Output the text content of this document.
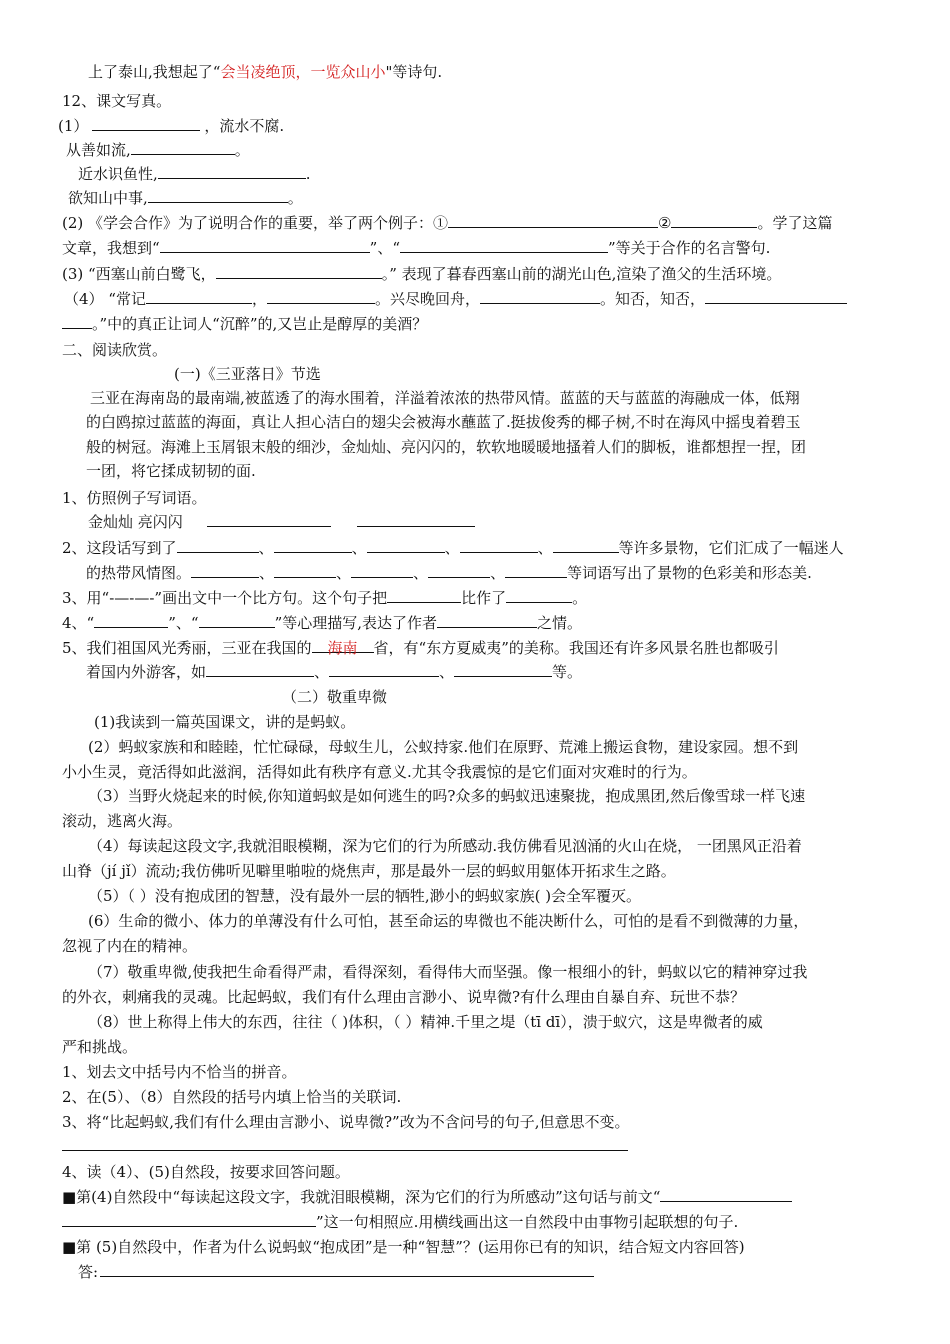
上了泰山,我想起了“会当凌绝顶，一览众山小"等诗句.
12、课文写真。
(1）	，流水不腐.
从善如流,	。
近水识鱼性,	.
欲知山中事,	。
(2) 《学会合作》为了说明合作的重要，举了两个例子：①	②	。学了这篇
文章，我想到“	”、“	”等关于合作的名言警句.
(3) “西塞山前白鹭飞，	。” 表现了暮春西塞山前的湖光山色,渲染了渔父的生活环境。
（4） “常记	，	。兴尽晚回舟，	。知否，知否，
。”中的真正让词人“沉醉”的,又岂止是醇厚的美酒？
二、阅读欣赏。
(一)《三亚落日》节选
三亚在海南岛的最南端,被蓝透了的海水围着，洋溢着浓浓的热带风情。蓝蓝的天与蓝蓝的海融成一体，低翔
的白鸥掠过蓝蓝的海面，真让人担心洁白的翅尖会被海水蘸蓝了.挺拔俊秀的椰子树,不时在海风中摇曳着碧玉
般的树冠。海滩上玉屑银末般的细沙，金灿灿、亮闪闪的，软软地暖暖地搔着人们的脚板，谁都想捏一捏，团
一团，将它揉成韧韧的面.
1、仿照例子写词语。
金灿灿 亮闪闪
2、这段话写到了	、	、	、	、	等许多景物，它们汇成了一幅迷人
的热带风情图。	、	、	、	、	等词语写出了景物的色彩美和形态美.
3、用“-—-—-”画出文中一个比方句。这个句子把	比作了	。
4、“	”、“	”等心理描写,表达了作者	之情。
5、我们祖国风光秀丽，三亚在我国的 海南 省，有“东方夏威夷”的美称。我国还有许多风景名胜也都吸引
着国内外游客，如	、	、	等。
（二）敬重卑微
(1)我读到一篇英国课文，讲的是蚂蚁。
(2）蚂蚁家族和和睦睦，忙忙碌碌，母蚁生儿，公蚁持家.他们在原野、荒滩上搬运食物，建设家园。想不到
小小生灵，竟活得如此滋润，活得如此有秩序有意义.尤其令我震惊的是它们面对灾难时的行为。
（3）当野火烧起来的时候,你知道蚂蚁是如何逃生的吗?众多的蚂蚁迅速聚拢，抱成黑团,然后像雪球一样飞速
滚动，逃离火海。
（4）每读起这段文字,我就泪眼模糊，深为它们的行为所感动.我仿佛看见汹涌的火山在烧， 一团黑风正沿着
山脊（jí jǐ）流动;我仿佛听见噼里啪啦的烧焦声，那是最外一层的蚂蚁用躯体开拓求生之路。
（5）（ ）没有抱成团的智慧，没有最外一层的牺牲,渺小的蚂蚁家族( )会全军覆灭。
(6）生命的微小、体力的单薄没有什么可怕，甚至命运的卑微也不能决断什么，可怕的是看不到微薄的力量，
忽视了内在的精神。
（7）敬重卑微,使我把生命看得严肃，看得深刻，看得伟大而坚强。像一根细小的针，蚂蚁以它的精神穿过我
的外衣，刺痛我的灵魂。比起蚂蚁，我们有什么理由言渺小、说卑微?有什么理由自暴自弃、玩世不恭？
（8）世上称得上伟大的东西，往往（ )体积，（ ）精神.千里之堤（tī dī），溃于蚁穴，这是卑微者的威
严和挑战。
1、划去文中括号内不恰当的拼音。
2、在(5）、（8）自然段的括号内填上恰当的关联词.
3、将“比起蚂蚁,我们有什么理由言渺小、说卑微?”改为不含问号的句子,但意思不变。
4、读（4）、(5)自然段，按要求回答问题。
■第(4)自然段中“每读起这段文字，我就泪眼模糊，深为它们的行为所感动”这句话与前文“
”这一句相照应.用横线画出这一自然段中由事物引起联想的句子.
■第 (5)自然段中，作者为什么说蚂蚁“抱成团”是一种“智慧”？(运用你已有的知识，结合短文内容回答)
答:
